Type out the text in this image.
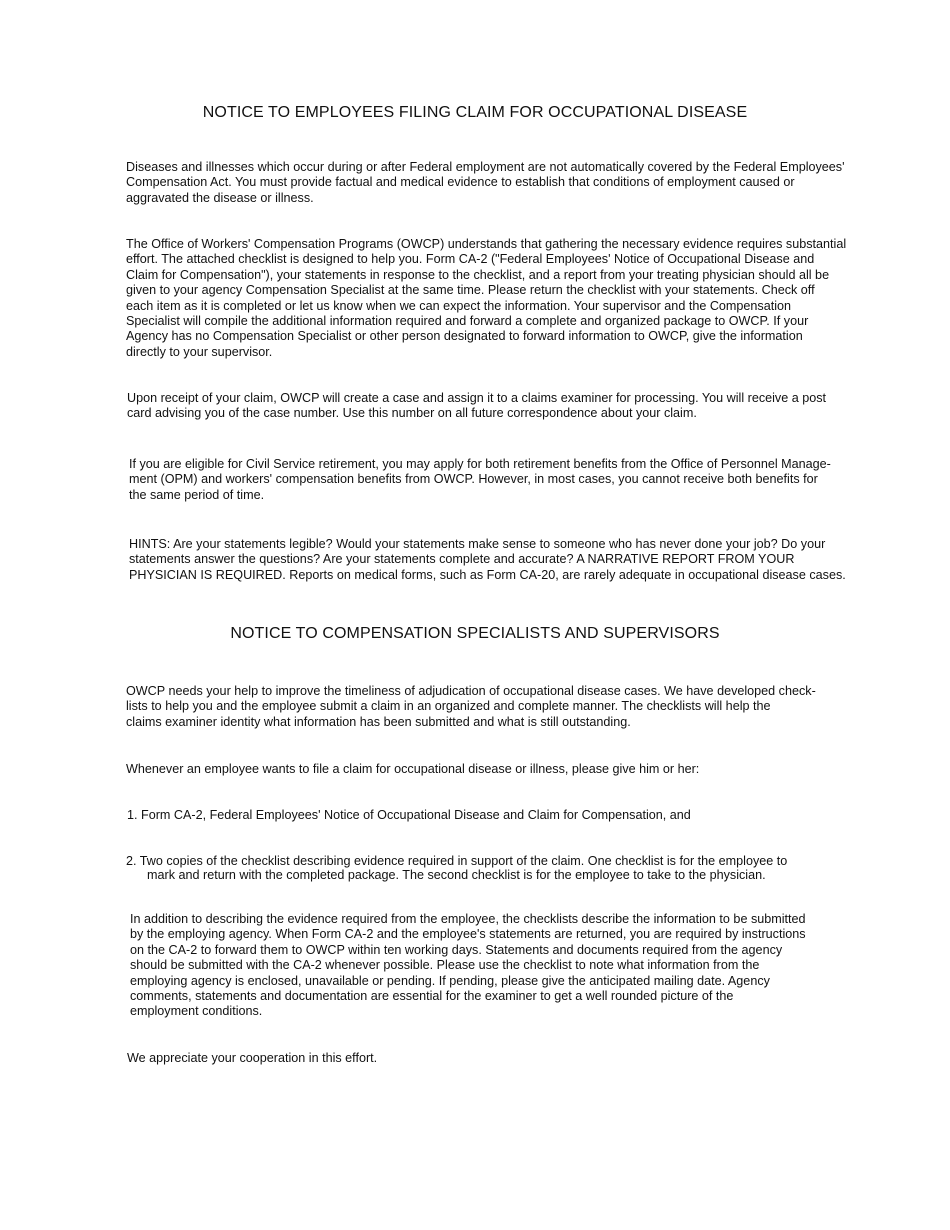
NOTICE TO EMPLOYEES FILING CLAIM FOR OCCUPATIONAL DISEASE
Diseases and illnesses which occur during or after Federal employment are not automatically covered by the Federal Employees'
Compensation Act. You must provide factual and medical evidence to establish that conditions of employment caused or
aggravated the disease or illness.
The Office of Workers' Compensation Programs (OWCP) understands that gathering the necessary evidence requires substantial
effort. The attached checklist is designed to help you. Form CA-2 ("Federal Employees' Notice of Occupational Disease and
Claim for Compensation"), your statements in response to the checklist, and a report from your treating physician should all be
given to your agency Compensation Specialist at the same time. Please return the checklist with your statements. Check off
each item as it is completed or let us know when we can expect the information. Your supervisor and the Compensation
Specialist will compile the additional information required and forward a complete and organized package to OWCP. If your
Agency has no Compensation Specialist or other person designated to forward information to OWCP, give the information
directly to your supervisor.
Upon receipt of your claim, OWCP will create a case and assign it to a claims examiner for processing. You will receive a post
card advising you of the case number. Use this number on all future correspondence about your claim.
If you are eligible for Civil Service retirement, you may apply for both retirement benefits from the Office of Personnel Manage-
ment (OPM) and workers' compensation benefits from OWCP. However, in most cases, you cannot receive both benefits for
the same period of time.
HINTS: Are your statements legible? Would your statements make sense to someone who has never done your job? Do your
statements answer the questions? Are your statements complete and accurate? A NARRATIVE REPORT FROM YOUR
PHYSICIAN IS REQUIRED. Reports on medical forms, such as Form CA-20, are rarely adequate in occupational disease cases.
NOTICE TO COMPENSATION SPECIALISTS AND SUPERVISORS
OWCP needs your help to improve the timeliness of adjudication of occupational disease cases. We have developed check-
lists to help you and the employee submit a claim in an organized and complete manner. The checklists will help the
claims examiner identity what information has been submitted and what is still outstanding.
Whenever an employee wants to file a claim for occupational disease or illness, please give him or her:
1. Form CA-2, Federal Employees' Notice of Occupational Disease and Claim for Compensation, and
2. Two copies of the checklist describing evidence required in support of the claim. One checklist is for the employee to
mark and return with the completed package. The second checklist is for the employee to take to the physician.
In addition to describing the evidence required from the employee, the checklists describe the information to be submitted
by the employing agency. When Form CA-2 and the employee's statements are returned, you are required by instructions
on the CA-2 to forward them to OWCP within ten working days. Statements and documents required from the agency
should be submitted with the CA-2 whenever possible. Please use the checklist to note what information from the
employing agency is enclosed, unavailable or pending. If pending, please give the anticipated mailing date. Agency
comments, statements and documentation are essential for the examiner to get a well rounded picture of the
employment conditions.
We appreciate your cooperation in this effort.
